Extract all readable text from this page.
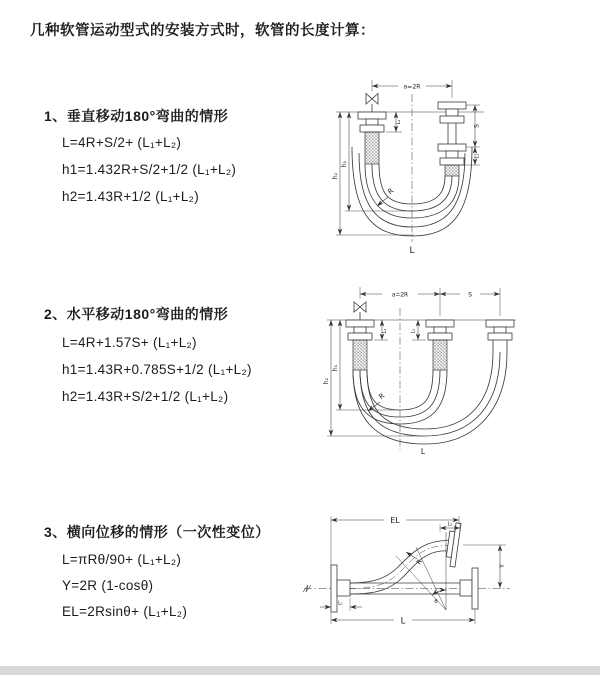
几种软管运动型式的安装方式时，软管的长度计算：
1、垂直移动180°弯曲的情形
L=4R+S/2+ (L₁+L₂)
h1=1.432R+S/2+1/2 (L₁+L₂)
h2=1.43R+1/2 (L₁+L₂)
a=2R
h₁
h₂
L₁
S
L₂
R
L
2、水平移动180°弯曲的情形
L=4R+1.57S+ (L₁+L₂)
h1=1.43R+0.785S+1/2 (L₁+L₂)
h2=1.43R+S/2+1/2 (L₁+L₂)
a=2R	S
h₁
h₂
L₁	L₂
R
L
3、横向位移的情形（一次性变位）
L=πRθ/90+ (L₁+L₂)
Y=2R (1-cosθ)
EL=2Rsinθ+ (L₁+L₂)
EL	L₂
Y
R
θ
L
L₁
